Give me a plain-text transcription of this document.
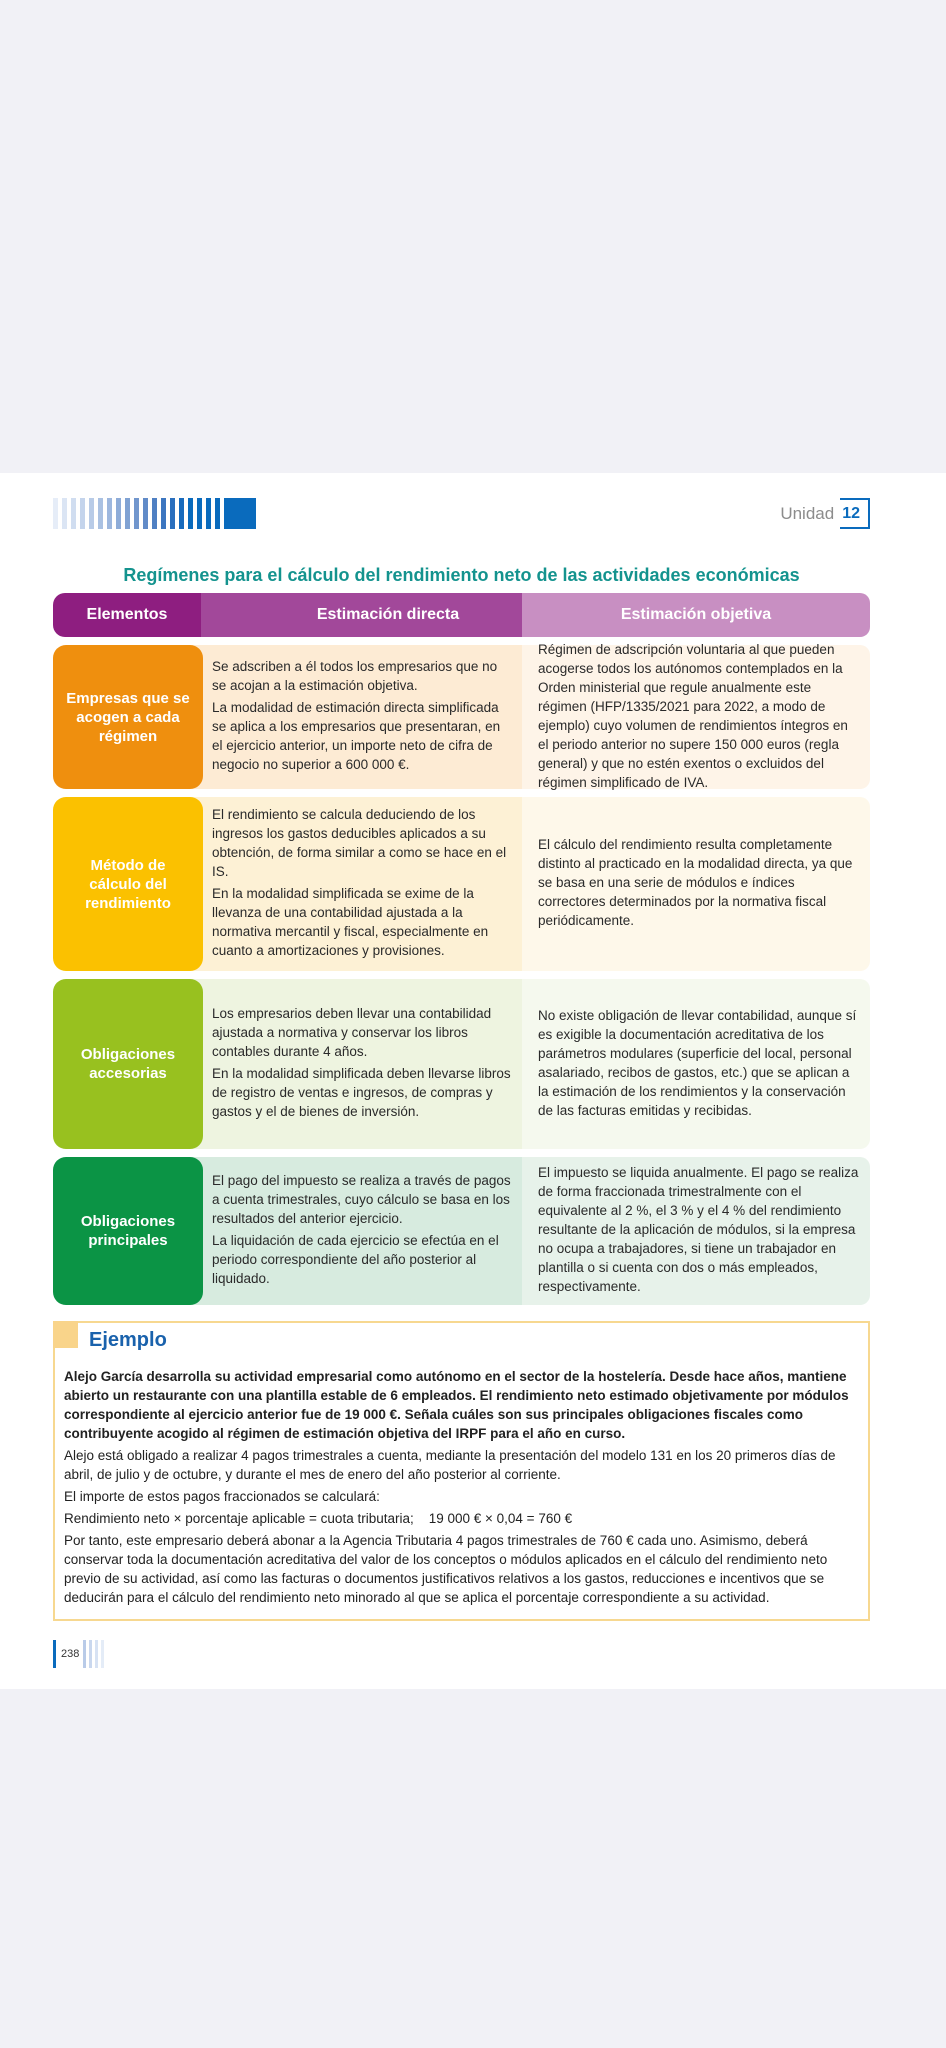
Unidad 12
Regímenes para el cálculo del rendimiento neto de las actividades económicas
Elementos	Estimación directa	Estimación objetiva
Empresas que se acogen a cada régimen

Se adscriben a él todos los empresarios que no se acojan a la estimación objetiva.

La modalidad de estimación directa simplificada se aplica a los empresarios que presentaran, en el ejercicio anterior, un importe neto de cifra de negocio no superior a 600 000 €.

Régimen de adscripción voluntaria al que pueden acogerse todos los autónomos contemplados en la Orden ministerial que regule anualmente este régimen (HFP/1335/2021 para 2022, a modo de ejemplo) cuyo volumen de rendimientos íntegros en el periodo anterior no supere 150 000 euros (regla general) y que no estén exentos o excluidos del régimen simplificado de IVA.

Método de cálculo del rendimiento

El rendimiento se calcula deduciendo de los ingresos los gastos deducibles aplicados a su obtención, de forma similar a como se hace en el IS.

En la modalidad simplificada se exime de la llevanza de una contabilidad ajustada a la normativa mercantil y fiscal, especialmente en cuanto a amortizaciones y provisiones.

El cálculo del rendimiento resulta completamente distinto al practicado en la modalidad directa, ya que se basa en una serie de módulos e índices correctores determinados por la normativa fiscal periódicamente.

Obligaciones accesorias

Los empresarios deben llevar una contabilidad ajustada a normativa y conservar los libros contables durante 4 años.

En la modalidad simplificada deben llevarse libros de registro de ventas e ingresos, de compras y gastos y el de bienes de inversión.

No existe obligación de llevar contabilidad, aunque sí es exigible la documentación acreditativa de los parámetros modulares (superficie del local, personal asalariado, recibos de gastos, etc.) que se aplican a la estimación de los rendimientos y la conservación de las facturas emitidas y recibidas.

Obligaciones principales

El pago del impuesto se realiza a través de pagos a cuenta trimestrales, cuyo cálculo se basa en los resultados del anterior ejercicio.

La liquidación de cada ejercicio se efectúa en el periodo correspondiente del año posterior al liquidado.

El impuesto se liquida anualmente. El pago se realiza de forma fraccionada trimestralmente con el equivalente al 2 %, el 3 % y el 4 % del rendimiento resultante de la aplicación de módulos, si la empresa no ocupa a trabajadores, si tiene un trabajador en plantilla o si cuenta con dos o más empleados, respectivamente.

Ejemplo

Alejo García desarrolla su actividad empresarial como autónomo en el sector de la hostelería. Desde hace años, mantiene abierto un restaurante con una plantilla estable de 6 empleados. El rendimiento neto estimado objetivamente por módulos correspondiente al ejercicio anterior fue de 19 000 €. Señala cuáles son sus principales obligaciones fiscales como contribuyente acogido al régimen de estimación objetiva del IRPF para el año en curso.

Alejo está obligado a realizar 4 pagos trimestrales a cuenta, mediante la presentación del modelo 131 en los 20 primeros días de abril, de julio y de octubre, y durante el mes de enero del año posterior al corriente.

El importe de estos pagos fraccionados se calculará:

Rendimiento neto × porcentaje aplicable = cuota tributaria;    19 000 € × 0,04 = 760 €

Por tanto, este empresario deberá abonar a la Agencia Tributaria 4 pagos trimestrales de 760 € cada uno. Asimismo, deberá conservar toda la documentación acreditativa del valor de los conceptos o módulos aplicados en el cálculo del rendimiento neto previo de su actividad, así como las facturas o documentos justificativos relativos a los gastos, reducciones e incentivos que se deducirán para el cálculo del rendimiento neto minorado al que se aplica el porcentaje correspondiente a su actividad.

238
